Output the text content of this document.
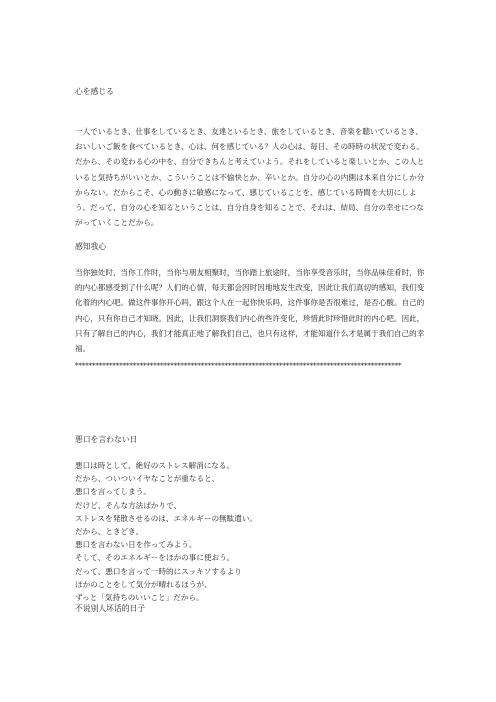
心を感じる
一人でいるとき、仕事をしているとき、友達といるとき、旅をしているとき、音楽を聴いているとき、おいしいご飯を食べているとき、心は、何を感じている？人の心は、毎日、その時時の状況で変わる。だから、その変わる心の中を、自分できちんと考えていよう。それをしていると楽しいとか、この人といると気持ちがいいとか、こういうことは不愉快とか、辛いとか。自分の心の内側は本来自分にしか分からない。だからこそ、心の動きに敏感になって、感じていることを、感じている時間を大切にしよう。だって、自分の心を知るということは、自分自身を知ることで、それは、結局、自分の幸せにつながっていくことだから。
感知我心
当你独处时，当你工作时，当你与朋友相聚时，当你踏上旅途时，当你享受音乐时，当你品味佳肴时，你的内心都感受到了什么呢？人们的心情，每天都会因时因地地发生改变，因此让我们真切的感知，我们变化着的内心吧。做这件事你开心吗，跟这个人在一起你快乐吗，这件事你是否很难过，是否心酸。自己的内心，只有你自己才知晓。因此，让我们洞察我们内心的些许变化，珍惜此时珍惜此时的内心吧。因此，只有了解自己的内心，我们才能真正地了解我们自己，也只有这样，才能知道什么才是属于我们自己的幸福。
************************************************************************************************
悪口を言わない日
悪口は時として、絶好のストレス解消になる。
だから、ついついイヤなことが重なると、
悪口を言ってしまう。
だけど、そんな方法ばかりで、
ストレスを発散させるのは、エネルギーの無駄遣い。
だから、ときどき、
悪口を言わない日を作ってみよう。
そして、そのエネルギーをほかの事に使おう。
だって、悪口を言って一時的にスッキソするより
ほかのことをして気分が晴れるほうが、
ずっと「気持ちのいいこと」だから。
不说别人坏话的日子
